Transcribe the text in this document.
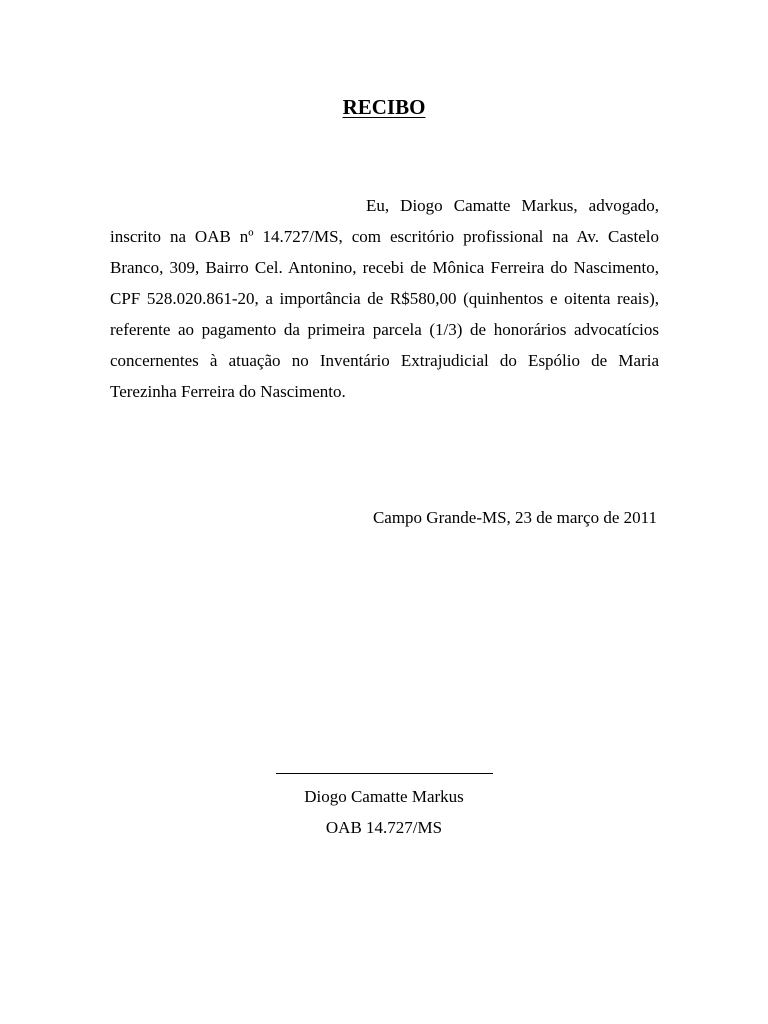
RECIBO

Eu, Diogo Camatte Markus, advogado, inscrito na OAB nº 14.727/MS, com escritório profissional na Av. Castelo Branco, 309, Bairro Cel. Antonino, recebi de Mônica Ferreira do Nascimento, CPF 528.020.861-20, a importância de R$580,00 (quinhentos e oitenta reais), referente ao pagamento da primeira parcela (1/3) de honorários advocatícios concernentes à atuação no Inventário Extrajudicial do Espólio de Maria Terezinha Ferreira do Nascimento.

Campo Grande-MS, 23 de março de 2011
Diogo Camatte Markus
OAB 14.727/MS
